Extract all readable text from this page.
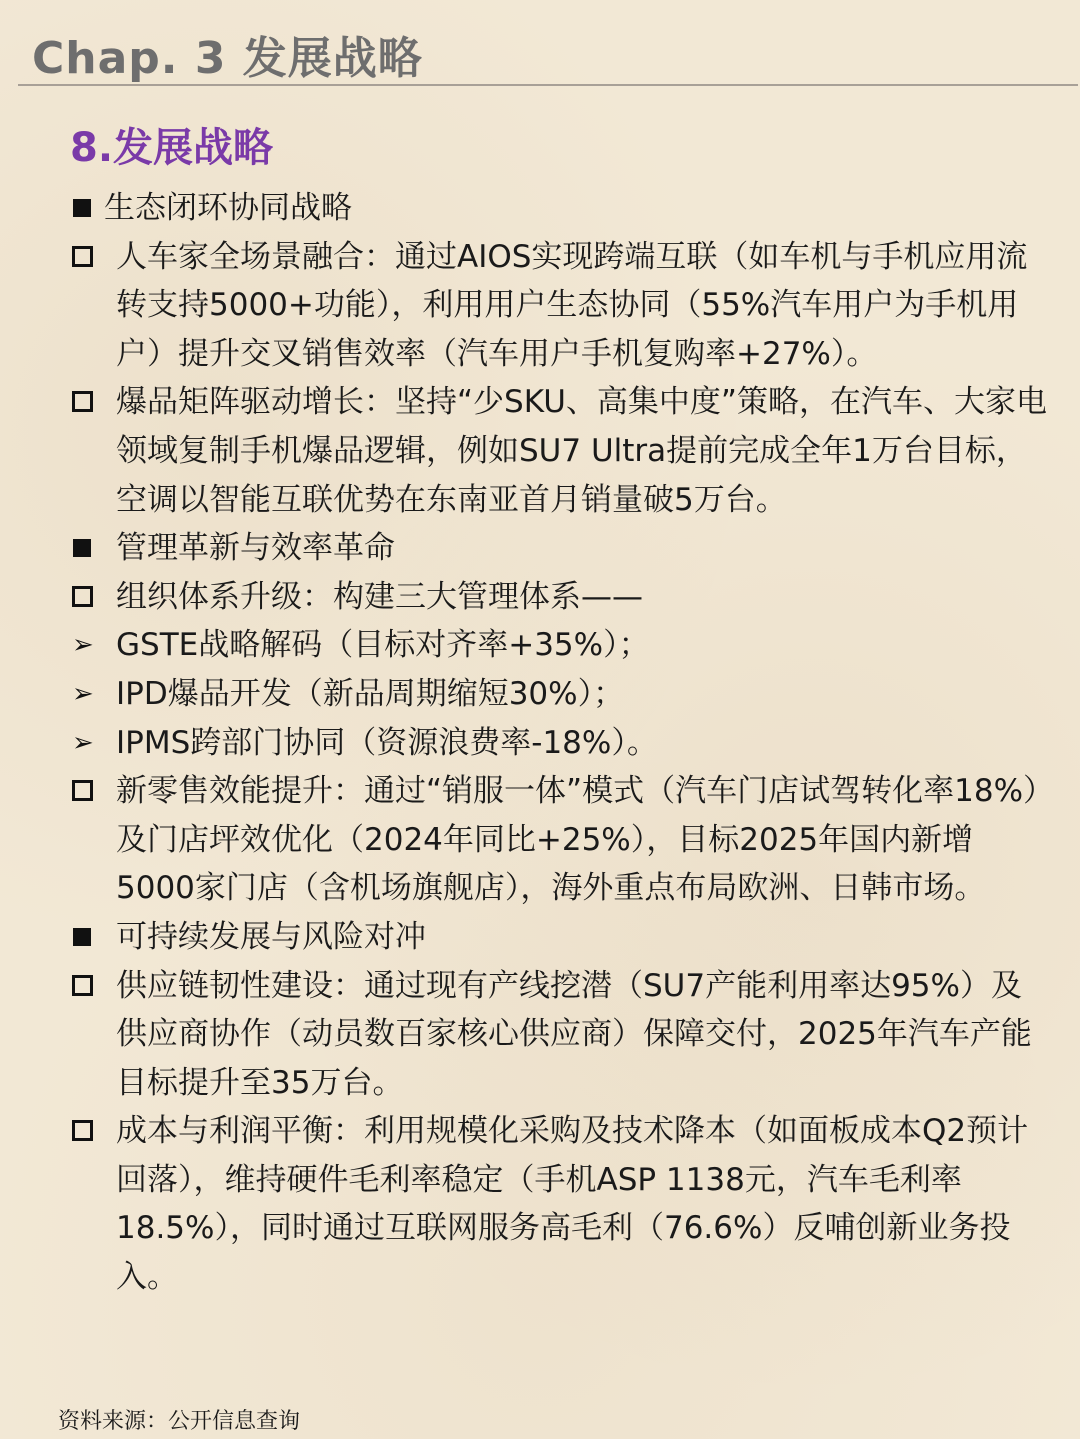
Chap. 3 发展战略
8.发展战略
生态闭环协同战略
人车家全场景融合：通过AIOS实现跨端互联（如车机与手机应用流转支持5000+功能），利用用户生态协同（55%汽车用户为手机用户）提升交叉销售效率（汽车用户手机复购率+27%）。
爆品矩阵驱动增长：坚持“少SKU、高集中度”策略，在汽车、大家电领域复制手机爆品逻辑，例如SU7 Ultra提前完成全年1万台目标，空调以智能互联优势在东南亚首月销量破5万台。
管理革新与效率革命
组织体系升级：构建三大管理体系——
➢ GSTE战略解码（目标对齐率+35%）；
➢ IPD爆品开发（新品周期缩短30%）；
➢ IPMS跨部门协同（资源浪费率-18%）。
新零售效能提升：通过“销服一体”模式（汽车门店试驾转化率18%）及门店坪效优化（2024年同比+25%），目标2025年国内新增5000家门店（含机场旗舰店），海外重点布局欧洲、日韩市场。
可持续发展与风险对冲
供应链韧性建设：通过现有产线挖潜（SU7产能利用率达95%）及供应商协作（动员数百家核心供应商）保障交付，2025年汽车产能目标提升至35万台。
成本与利润平衡：利用规模化采购及技术降本（如面板成本Q2预计回落），维持硬件毛利率稳定（手机ASP 1138元，汽车毛利率18.5%），同时通过互联网服务高毛利（76.6%）反哺创新业务投入。
资料来源：公开信息查询
